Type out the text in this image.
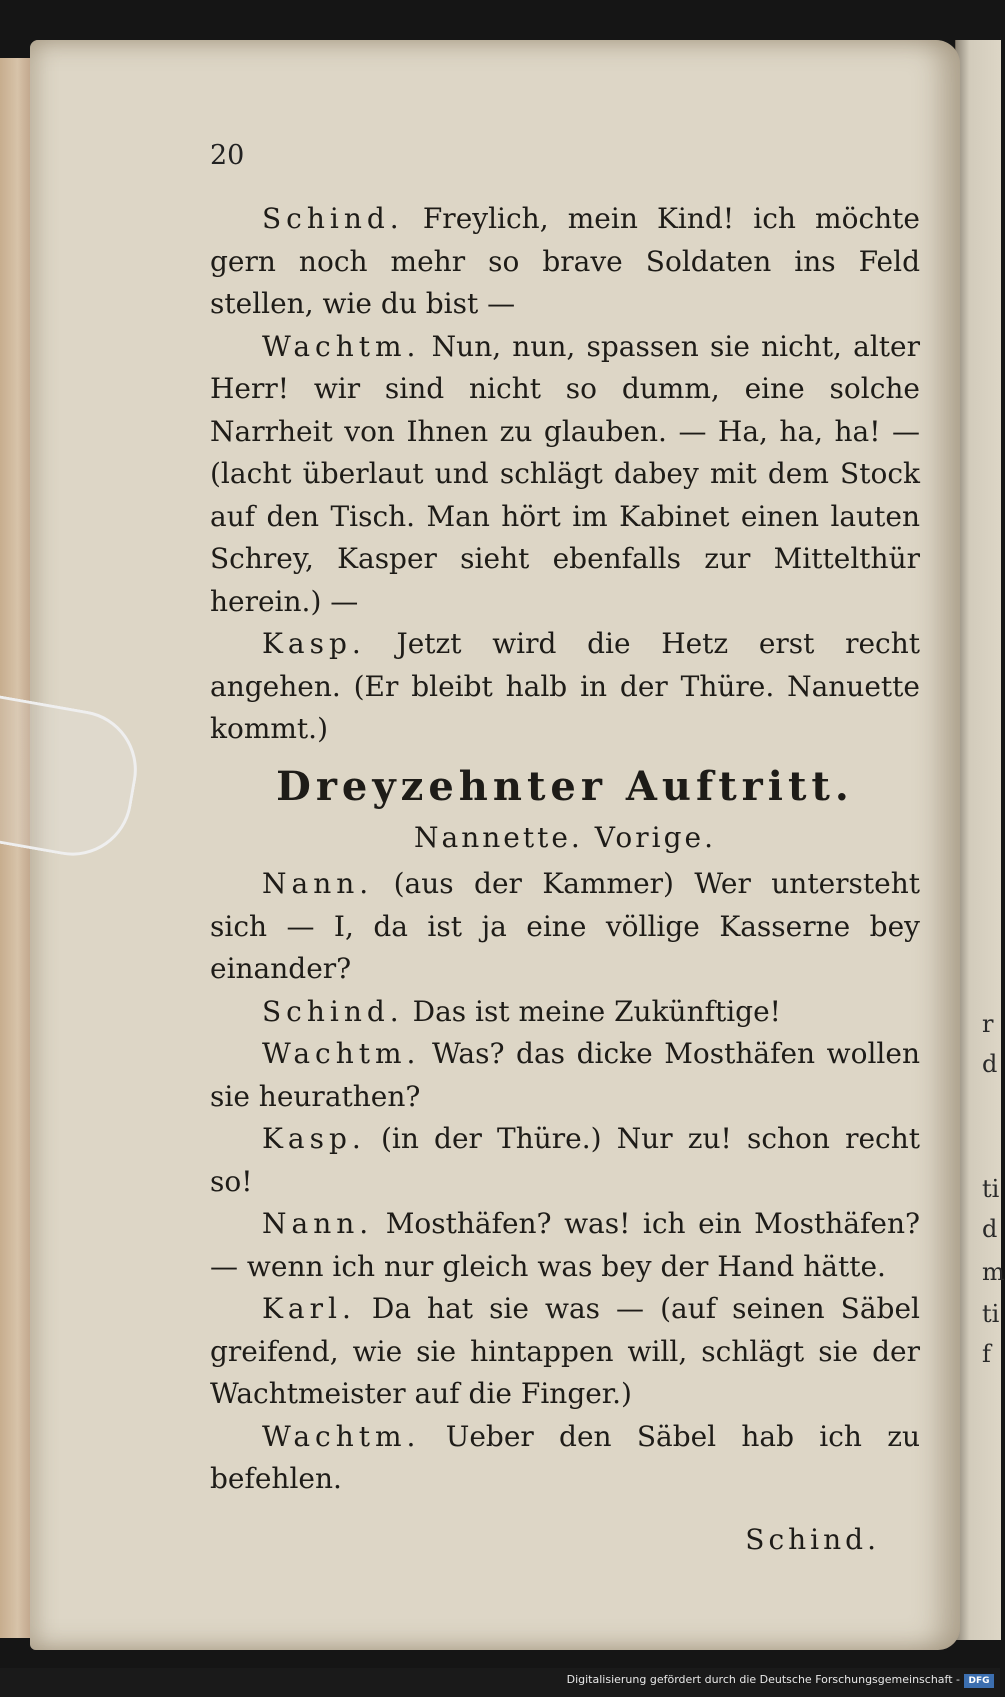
r
d
ti
d
m
ti
f
20

Schind. Freylich, mein Kind! ich möchte gern noch mehr so brave Soldaten ins Feld stellen, wie du bist —

Wachtm. Nun, nun, spassen sie nicht, alter Herr! wir sind nicht so dumm, eine solche Narrheit von Ihnen zu glauben. — Ha, ha, ha! — (lacht überlaut und schlägt dabey mit dem Stock auf den Tisch. Man hört im Kabinet einen lauten Schrey, Kasper sieht ebenfalls zur Mittelthür herein.) —

Kasp. Jetzt wird die Hetz erst recht angehen. (Er bleibt halb in der Thüre. Nanuette kommt.)

Dreyzehnter Auftritt.
Nannette. Vorige.

Nann. (aus der Kammer) Wer untersteht sich — I, da ist ja eine völlige Kasserne bey einander?

Schind. Das ist meine Zukünftige!

Wachtm. Was? das dicke Mosthäfen wollen sie heurathen?

Kasp. (in der Thüre.) Nur zu! schon recht so!

Nann. Mosthäfen? was! ich ein Mosthäfen? — wenn ich nur gleich was bey der Hand hätte.

Karl. Da hat sie was — (auf seinen Säbel greifend, wie sie hintappen will, schlägt sie der Wachtmeister auf die Finger.)

Wachtm. Ueber den Säbel hab ich zu befehlen.

Schind.
Digitalisierung gefördert durch die Deutsche Forschungsgemeinschaft - DFG
